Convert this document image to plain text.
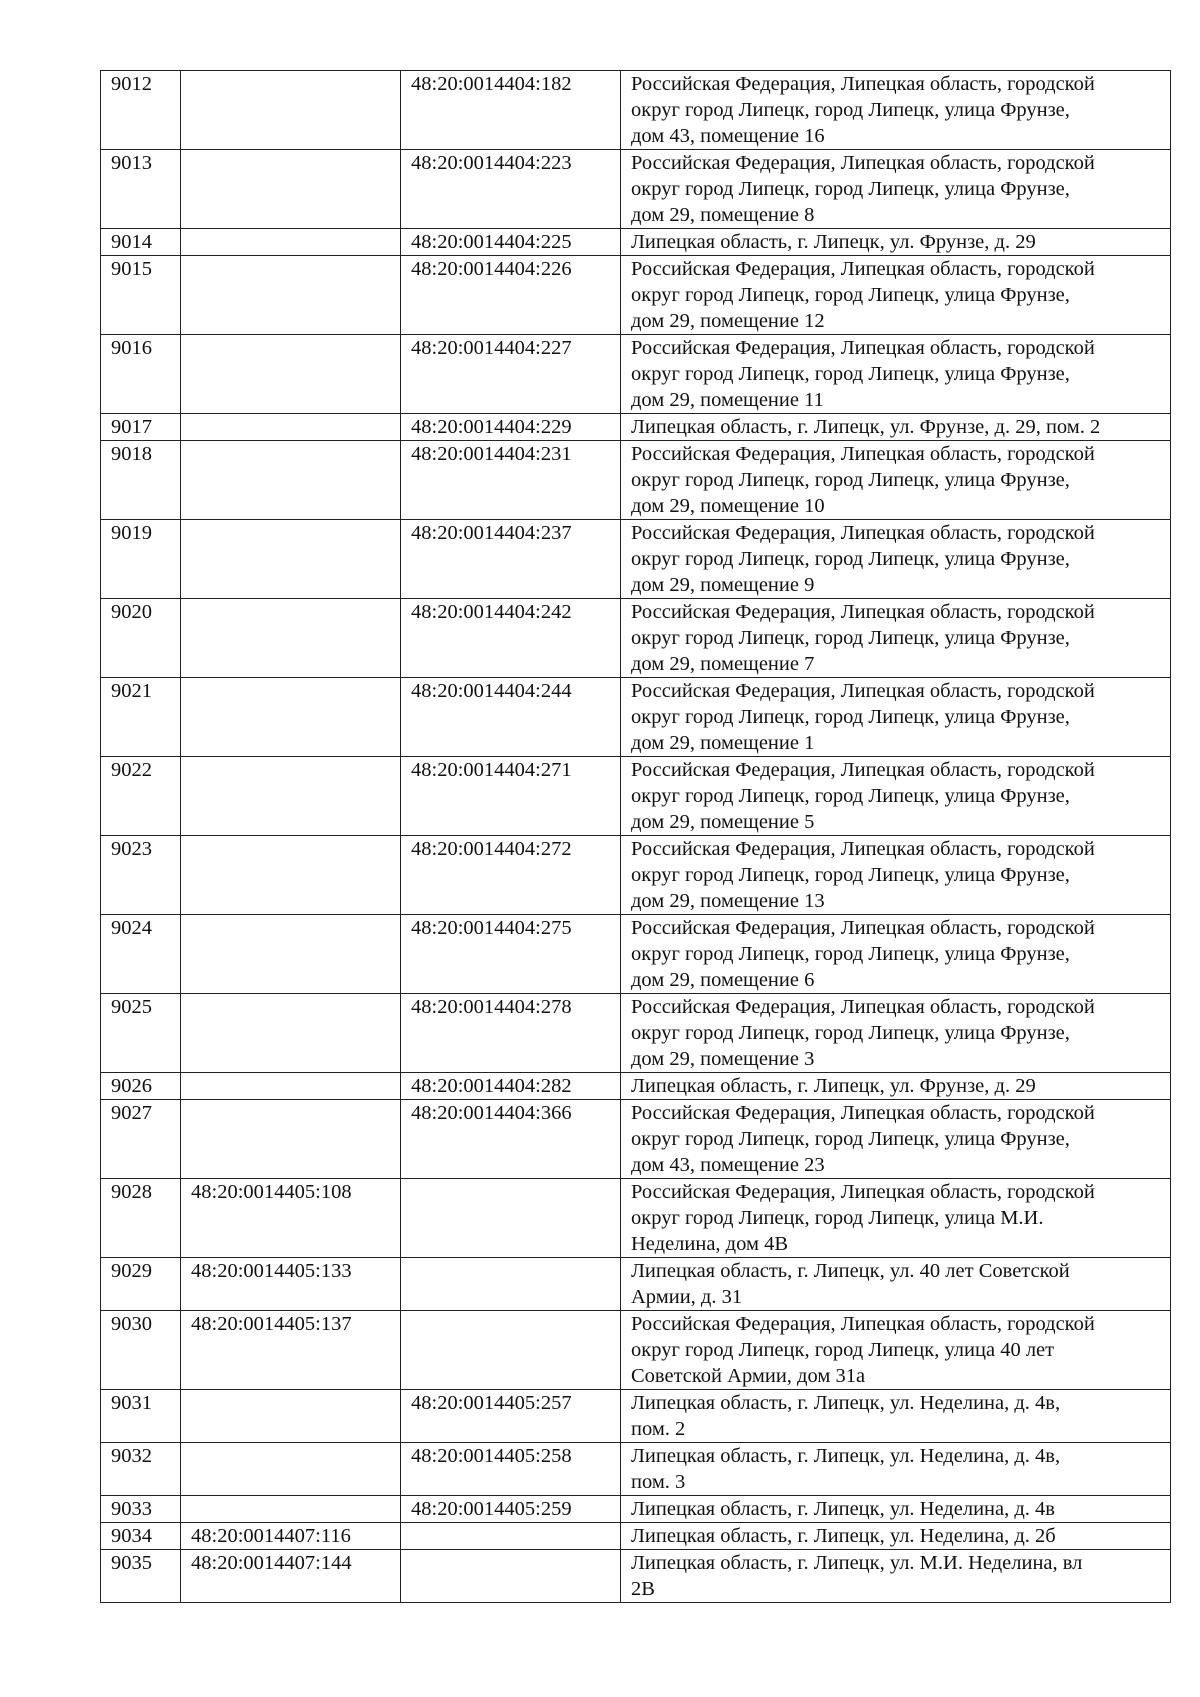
9012		48:20:0014404:182	Российская Федерация, Липецкая область, городской
округ город Липецк, город Липецк, улица Фрунзе,
дом 43, помещение 16
9013		48:20:0014404:223	Российская Федерация, Липецкая область, городской
округ город Липецк, город Липецк, улица Фрунзе,
дом 29, помещение 8
9014		48:20:0014404:225	Липецкая область, г. Липецк, ул. Фрунзе, д. 29
9015		48:20:0014404:226	Российская Федерация, Липецкая область, городской
округ город Липецк, город Липецк, улица Фрунзе,
дом 29, помещение 12
9016		48:20:0014404:227	Российская Федерация, Липецкая область, городской
округ город Липецк, город Липецк, улица Фрунзе,
дом 29, помещение 11
9017		48:20:0014404:229	Липецкая область, г. Липецк, ул. Фрунзе, д. 29, пом. 2
9018		48:20:0014404:231	Российская Федерация, Липецкая область, городской
округ город Липецк, город Липецк, улица Фрунзе,
дом 29, помещение 10
9019		48:20:0014404:237	Российская Федерация, Липецкая область, городской
округ город Липецк, город Липецк, улица Фрунзе,
дом 29, помещение 9
9020		48:20:0014404:242	Российская Федерация, Липецкая область, городской
округ город Липецк, город Липецк, улица Фрунзе,
дом 29, помещение 7
9021		48:20:0014404:244	Российская Федерация, Липецкая область, городской
округ город Липецк, город Липецк, улица Фрунзе,
дом 29, помещение 1
9022		48:20:0014404:271	Российская Федерация, Липецкая область, городской
округ город Липецк, город Липецк, улица Фрунзе,
дом 29, помещение 5
9023		48:20:0014404:272	Российская Федерация, Липецкая область, городской
округ город Липецк, город Липецк, улица Фрунзе,
дом 29, помещение 13
9024		48:20:0014404:275	Российская Федерация, Липецкая область, городской
округ город Липецк, город Липецк, улица Фрунзе,
дом 29, помещение 6
9025		48:20:0014404:278	Российская Федерация, Липецкая область, городской
округ город Липецк, город Липецк, улица Фрунзе,
дом 29, помещение 3
9026		48:20:0014404:282	Липецкая область, г. Липецк, ул. Фрунзе, д. 29
9027		48:20:0014404:366	Российская Федерация, Липецкая область, городской
округ город Липецк, город Липецк, улица Фрунзе,
дом 43, помещение 23
9028	48:20:0014405:108		Российская Федерация, Липецкая область, городской
округ город Липецк, город Липецк, улица М.И.
Неделина, дом 4В
9029	48:20:0014405:133		Липецкая область, г. Липецк, ул. 40 лет Советской
Армии, д. 31
9030	48:20:0014405:137		Российская Федерация, Липецкая область, городской
округ город Липецк, город Липецк, улица 40 лет
Советской Армии, дом 31а
9031		48:20:0014405:257	Липецкая область, г. Липецк, ул. Неделина, д. 4в,
пом. 2
9032		48:20:0014405:258	Липецкая область, г. Липецк, ул. Неделина, д. 4в,
пом. 3
9033		48:20:0014405:259	Липецкая область, г. Липецк, ул. Неделина, д. 4в
9034	48:20:0014407:116		Липецкая область, г. Липецк, ул. Неделина, д. 2б
9035	48:20:0014407:144		Липецкая область, г. Липецк, ул. М.И. Неделина, вл
2В
